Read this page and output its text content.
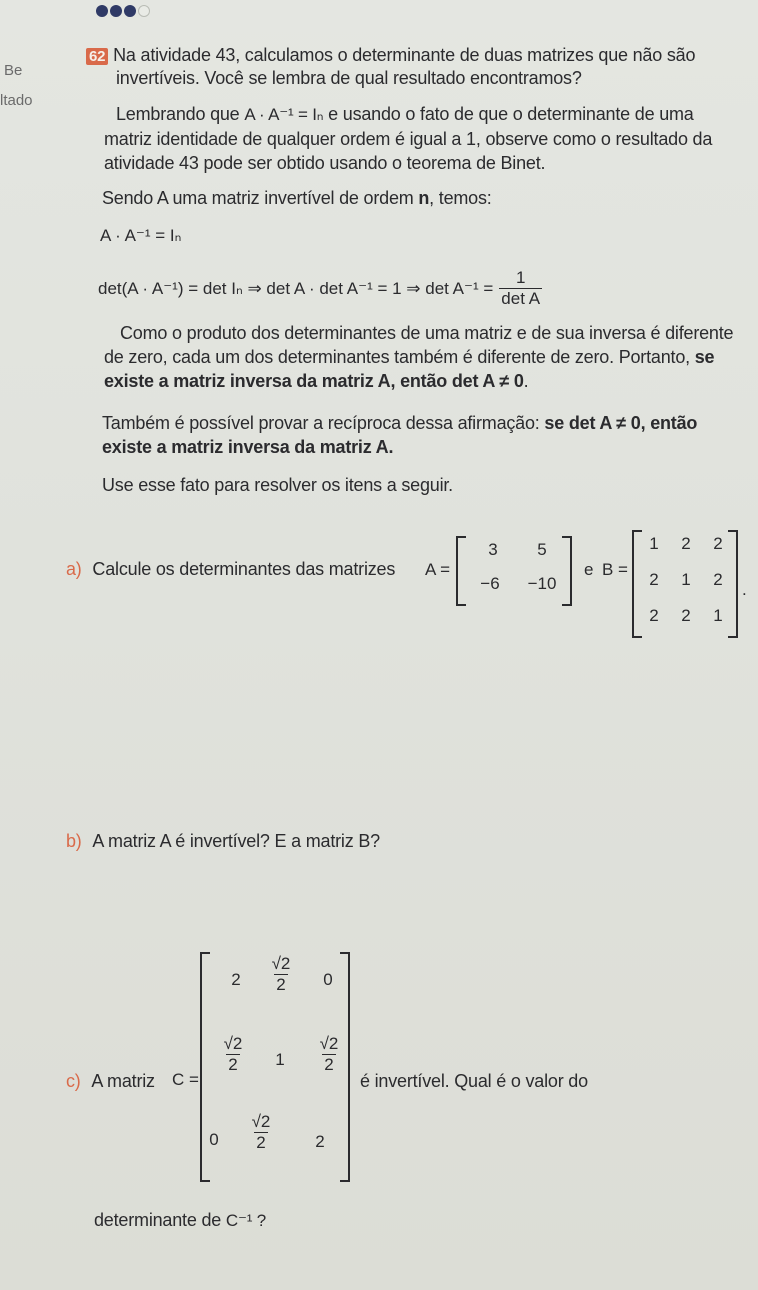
Be
ltado
62 Na atividade 43, calculamos o determinante de duas matrizes que não são
invertíveis. Você se lembra de qual resultado encontramos?
Lembrando que A · A⁻¹ = Iₙ e usando o fato de que o determinante de uma
matriz identidade de qualquer ordem é igual a 1, observe como o resultado da
atividade 43 pode ser obtido usando o teorema de Binet.
Sendo A uma matriz invertível de ordem n, temos:
A · A⁻¹ = Iₙ
det(A · A⁻¹) = det Iₙ ⇒ det A · det A⁻¹ = 1 ⇒ $\det A^{-1} = \frac{1}{\text{det A}}$
Como o produto dos determinantes de uma matriz e de sua inversa é diferente
de zero, cada um dos determinantes também é diferente de zero. Portanto, se
existe a matriz inversa da matriz A, então det A ≠ 0.
Também é possível provar a recíproca dessa afirmação: se det A ≠ 0, então
existe a matriz inversa da matriz A.
Use esse fato para resolver os itens a seguir.
a) Calcule os determinantes das matrizes A =
3	5
−6	−10
e B =
1	2	2
2	1	2
2	2	1
.
b) A matriz A é invertível? E a matriz B?
c) A matriz C =
2	$\frac{√2}{2}$	0
$\frac{√2}{2}$	1	$\frac{√2}{2}$
0	$\frac{√2}{2}$	2
é invertível. Qual é o valor do
determinante de C⁻¹ ?
